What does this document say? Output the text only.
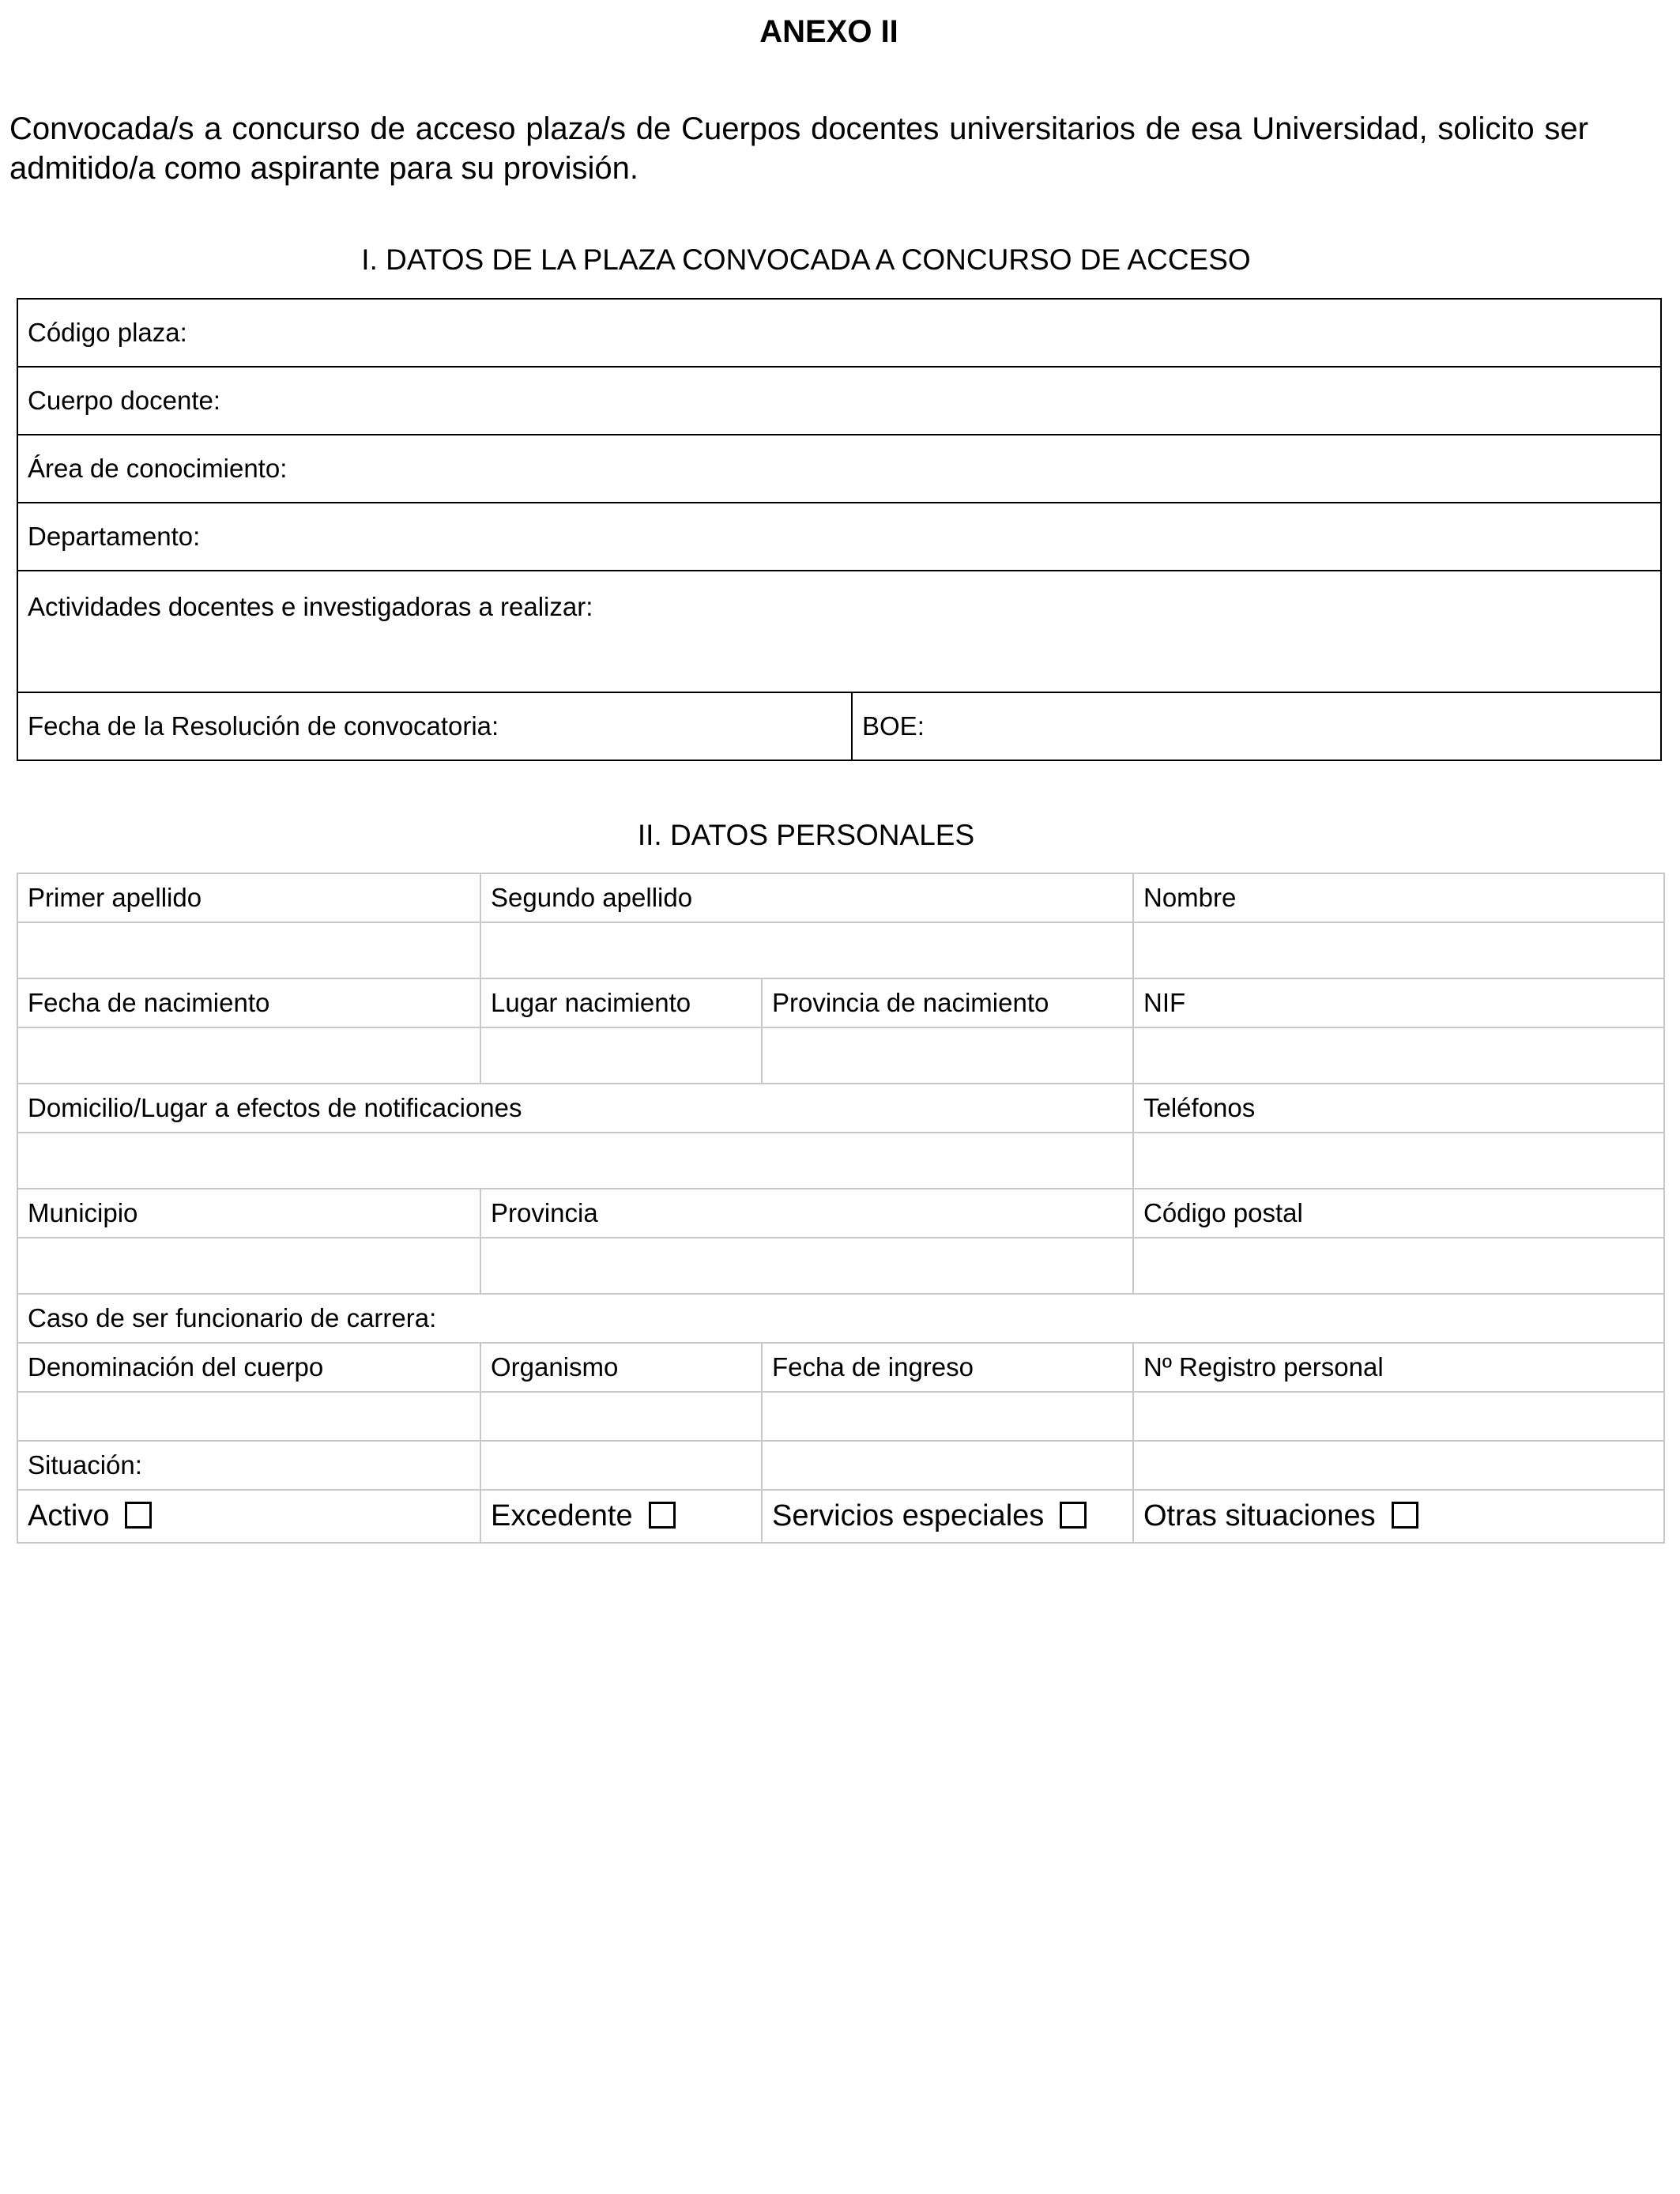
ANEXO II
Convocada/s a concurso de acceso plaza/s de Cuerpos docentes universitarios de esa Universidad, solicito ser admitido/a como aspirante para su provisión.
I. DATOS DE LA PLAZA CONVOCADA A CONCURSO DE ACCESO
Código plaza:
Cuerpo docente:
Área de conocimiento:
Departamento:
Actividades docentes e investigadoras a realizar:
Fecha de la Resolución de convocatoria:	BOE:
II. DATOS PERSONALES
Primer apellido	Segundo apellido		Nombre

Fecha de nacimiento	Lugar nacimiento	Provincia de nacimiento	NIF

Domicilio/Lugar a efectos de notificaciones			Teléfonos

Municipio	Provincia		Código postal

Caso de ser funcionario de carrera:			
Denominación del cuerpo	Organismo	Fecha de ingreso	Nº Registro personal

Situación:			
Activo	Excedente	Servicios especiales	Otras situaciones
